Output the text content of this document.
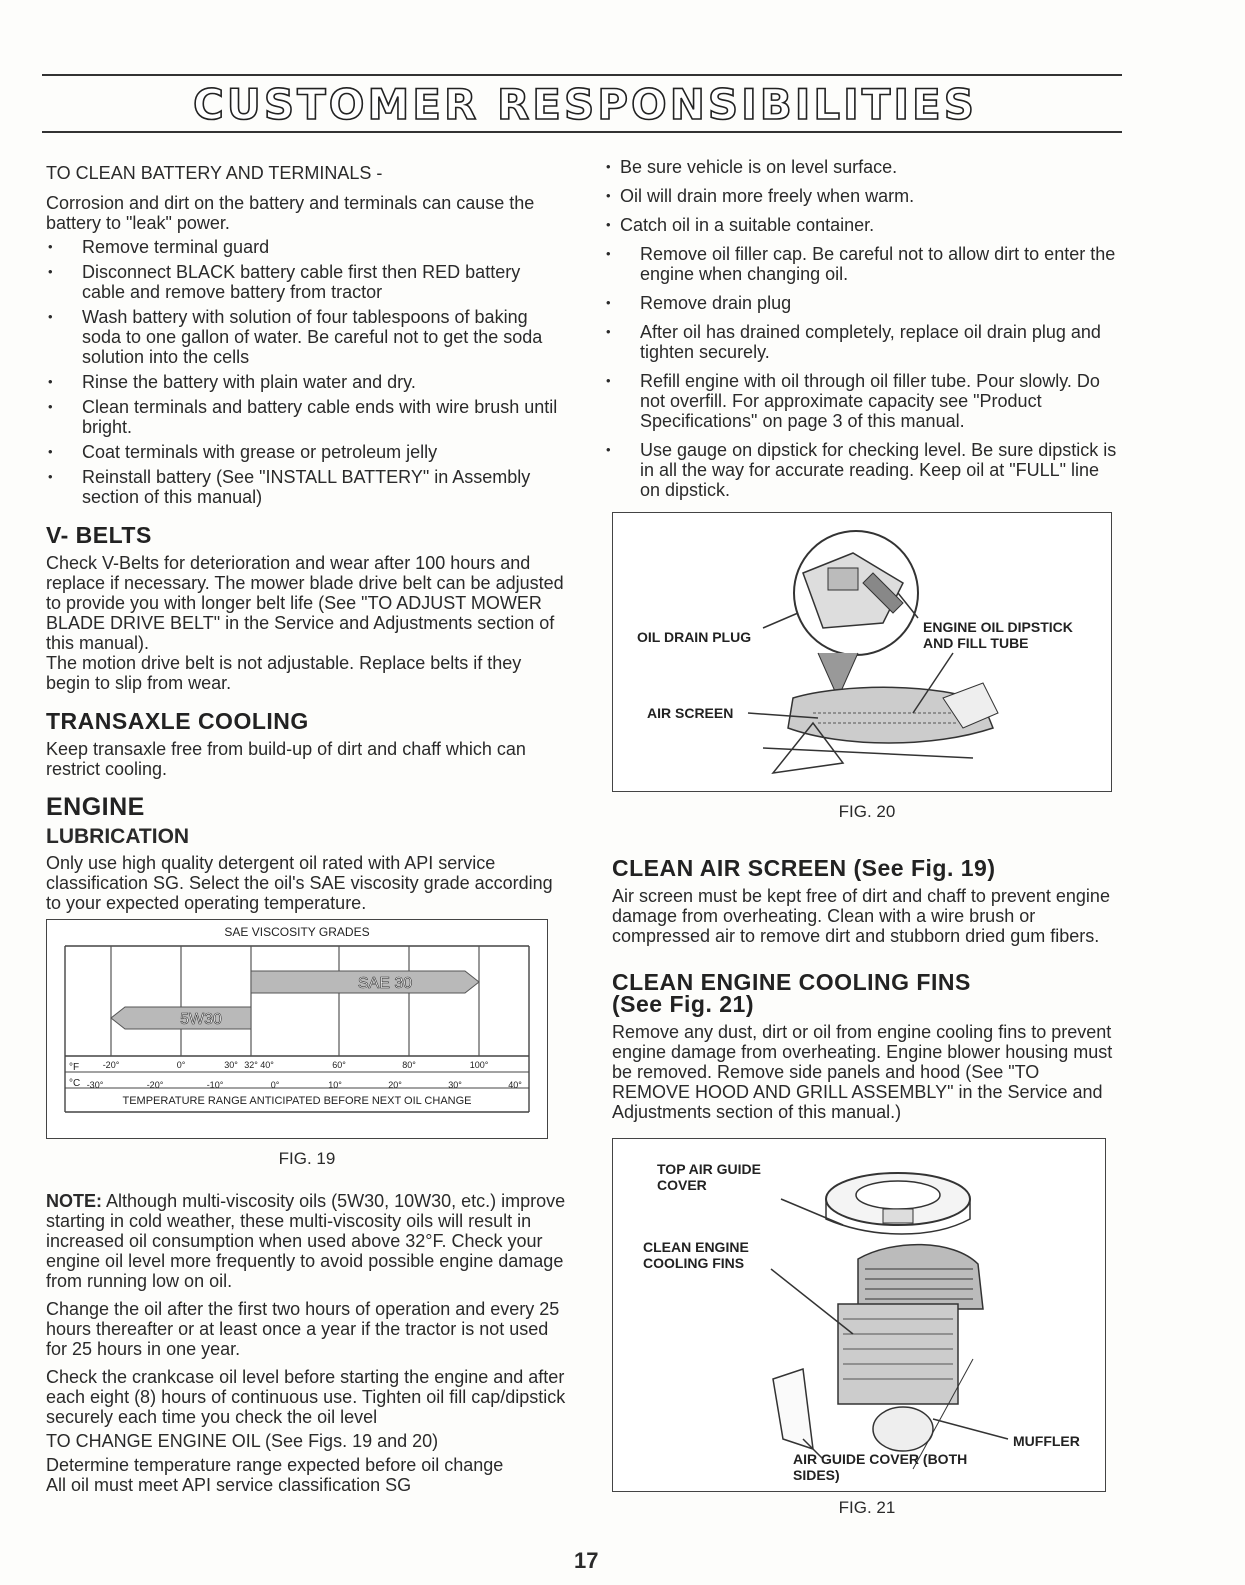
CUSTOMER RESPONSIBILITIES

TO CLEAN BATTERY AND TERMINALS -

Corrosion and dirt on the battery and terminals can cause the battery to "leak" power.

• Remove terminal guard
• Disconnect BLACK battery cable first then RED battery cable and remove battery from tractor
• Wash battery with solution of four tablespoons of baking soda to one gallon of water. Be careful not to get the soda solution into the cells
• Rinse the battery with plain water and dry.
• Clean terminals and battery cable ends with wire brush until bright.
• Coat terminals with grease or petroleum jelly
• Reinstall battery (See "INSTALL BATTERY" in Assembly section of this manual)
V- BELTS

Check V-Belts for deterioration and wear after 100 hours and replace if necessary. The mower blade drive belt can be adjusted to provide you with longer belt life (See "TO ADJUST MOWER BLADE DRIVE BELT" in the Service and Adjustments section of this manual).

The motion drive belt is not adjustable. Replace belts if they begin to slip from wear.

TRANSAXLE COOLING

Keep transaxle free from build-up of dirt and chaff which can restrict cooling.

ENGINE
LUBRICATION

Only use high quality detergent oil rated with API service classification SG. Select the oil's SAE viscosity grade according to your expected operating temperature.

SAE VISCOSITY GRADES
SAE 30
5W30
°F
°C
-20°	0°	30° 32° 40°	60°	80°	100°
-30°	-20°	-10°	0°	10°	20°	30°	40°
TEMPERATURE RANGE ANTICIPATED BEFORE NEXT OIL CHANGE

FIG. 19

NOTE: Although multi-viscosity oils (5W30, 10W30, etc.) improve starting in cold weather, these multi-viscosity oils will result in increased oil consumption when used above 32°F. Check your engine oil level more frequently to avoid possible engine damage from running low on oil.

Change the oil after the first two hours of operation and every 25 hours thereafter or at least once a year if the tractor is not used for 25 hours in one year.

Check the crankcase oil level before starting the engine and after each eight (8) hours of continuous use. Tighten oil fill cap/dipstick securely each time you check the oil level

TO CHANGE ENGINE OIL (See Figs. 19 and 20)

Determine temperature range expected before oil change

All oil must meet API service classification SG

• Be sure vehicle is on level surface.
• Oil will drain more freely when warm.
• Catch oil in a suitable container.
• Remove oil filler cap. Be careful not to allow dirt to enter the engine when changing oil.
• Remove drain plug
• After oil has drained completely, replace oil drain plug and tighten securely.
• Refill engine with oil through oil filler tube. Pour slowly. Do not overfill. For approximate capacity see "Product Specifications" on page 3 of this manual.
• Use gauge on dipstick for checking level. Be sure dipstick is in all the way for accurate reading. Keep oil at "FULL" line on dipstick.
OIL DRAIN PLUG
ENGINE OIL DIPSTICK AND FILL TUBE
AIR SCREEN

FIG. 20

CLEAN AIR SCREEN (See Fig. 19)

Air screen must be kept free of dirt and chaff to prevent engine damage from overheating. Clean with a wire brush or compressed air to remove dirt and stubborn dried gum fibers.

CLEAN ENGINE COOLING FINS
(See Fig. 21)

Remove any dust, dirt or oil from engine cooling fins to prevent engine damage from overheating. Engine blower housing must be removed. Remove side panels and hood (See "TO REMOVE HOOD AND GRILL ASSEMBLY" in the Service and Adjustments section of this manual.)

TOP AIR GUIDE COVER
CLEAN ENGINE COOLING FINS
MUFFLER
AIR GUIDE COVER (BOTH SIDES)

FIG. 21

17
